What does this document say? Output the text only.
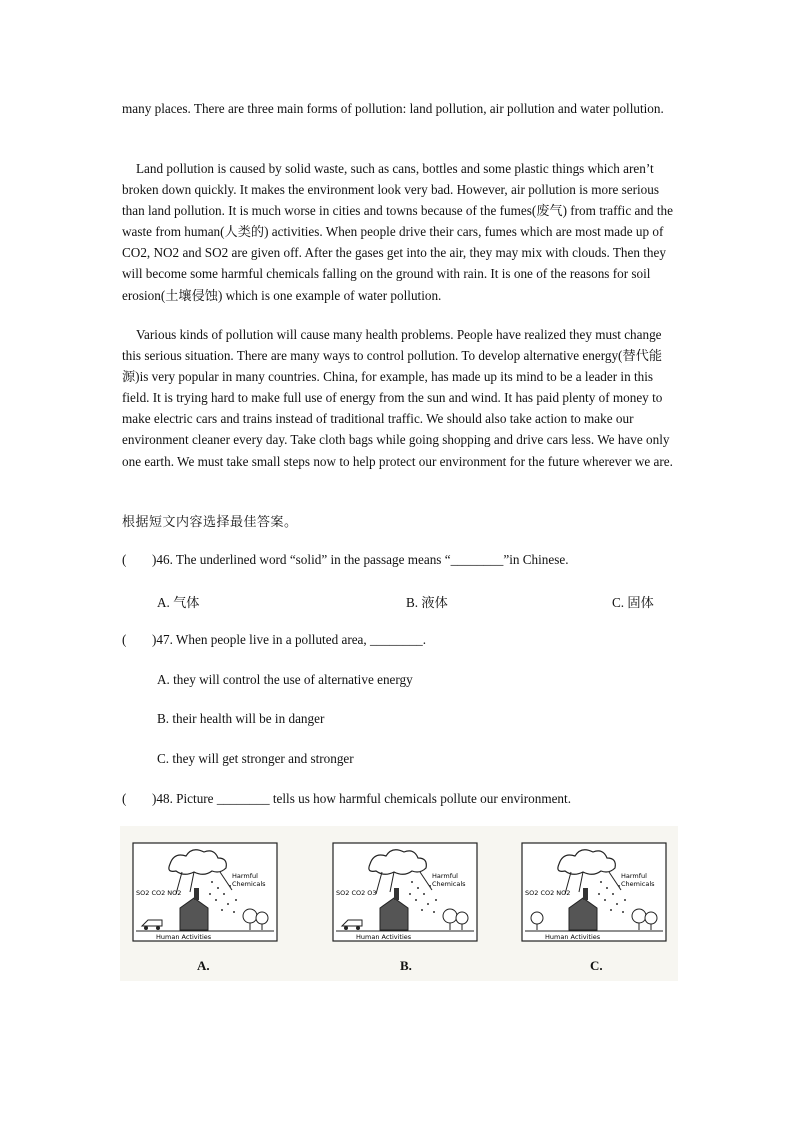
many places. There are three main forms of pollution: land pollution, air pollution and water pollution.

Land pollution is caused by solid waste, such as cans, bottles and some plastic things which aren’t broken down quickly. It makes the environment look very bad. However, air pollution is more serious than land pollution. It is much worse in cities and towns because of the fumes(废气) from traffic and the waste from human(人类的) activities. When people drive their cars, fumes which are most made up of CO2, NO2 and SO2 are given off. After the gases get into the air, they may mix with clouds. Then they will become some harmful chemicals falling on the ground with rain. It is one of the reasons for soil erosion(土壤侵蚀) which is one example of water pollution.

Various kinds of pollution will cause many health problems. People have realized they must change this serious situation. There are many ways to control pollution. To develop alternative energy(替代能源)is very popular in many countries. China, for example, has made up its mind to be a leader in this field. It is trying hard to make full use of energy from the sun and wind. It has paid plenty of money to make electric cars and trains instead of traditional traffic. We should also take action to make our environment cleaner every day. Take cloth bags while going shopping and drive cars less. We have only one earth. We must take small steps now to help protect our environment for the future wherever we are.

根据短文内容选择最佳答案。
( )46. The underlined word “solid” in the passage means “________”in Chinese.
A. 气体	B. 液体	C. 固体
( )47. When people live in a polluted area, ________.
A. they will control the use of alternative energy
B. their health will be in danger
C. they will get stronger and stronger
( )48. Picture ________ tells us how harmful chemicals pollute our environment.
SO2 CO2 NO2
Harmful
Chemicals
Human Activities
A.
SO2 CO2 O3
Harmful
Chemicals
Human Activities
B.
SO2 CO2 NO2
Harmful
Chemicals
Human Activities
C.
